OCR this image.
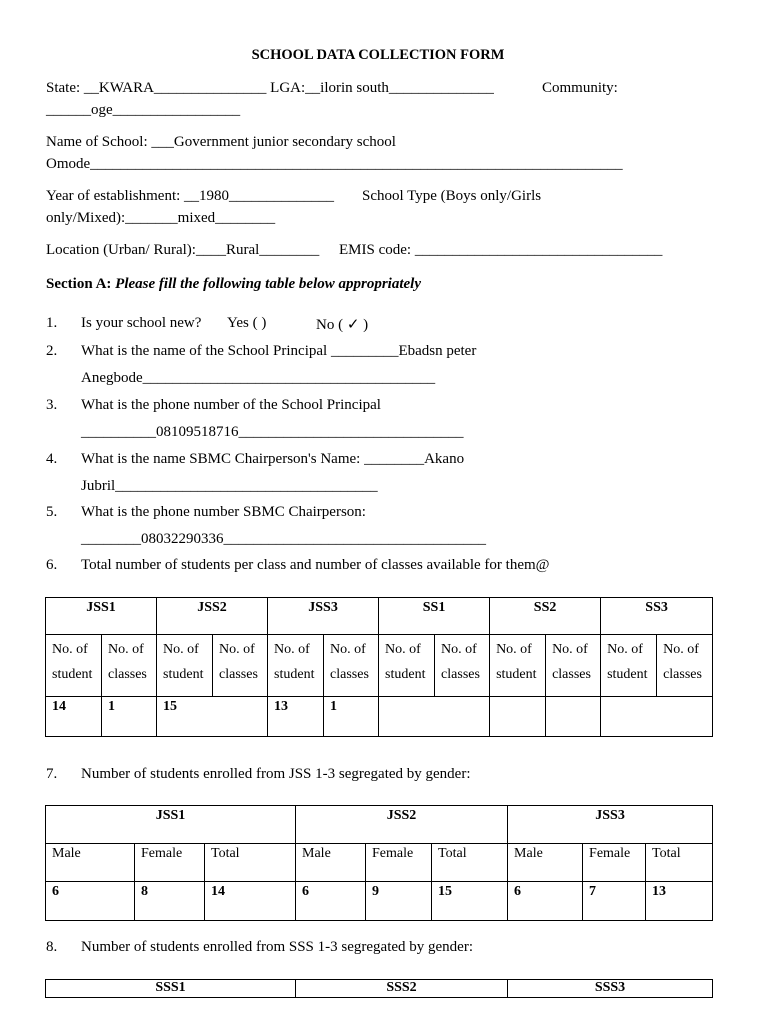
SCHOOL DATA COLLECTION FORM
State: __KWARA_______________ LGA:__ilorin south______________	Community:
______oge_________________
Name of School: ___Government junior secondary school
Omode_______________________________________________________________________
Year of establishment: __1980______________ School Type (Boys only/Girls
only/Mixed):_______mixed________
Location (Urban/ Rural):____Rural________ EMIS code: _________________________________
Section A: Please fill the following table below appropriately
1. Is your school new? Yes ( )	No ( ✓ )
2. What is the name of the School Principal _________Ebadsn peter
Anegbode_______________________________________
3. What is the phone number of the School Principal
__________08109518716______________________________
4. What is the name SBMC Chairperson's Name: ________Akano
Jubril___________________________________
5. What is the phone number SBMC Chairperson:
________08032290336___________________________________
6. Total number of students per class and number of classes available for them@
JSS1		JSS2		JSS3		SS1		SS2		SS3	
No. of student	No. of classes	No. of student	No. of classes	No. of student	No. of classes	No. of student	No. of classes	No. of student	No. of classes	No. of student	No. of classes
14	1	15		13	1						
7. Number of students enrolled from JSS 1-3 segregated by gender:
JSS1			JSS2			JSS3		
Male	Female	Total	Male	Female	Total	Male	Female	Total
6	8	14	6	9	15	6	7	13
8. Number of students enrolled from SSS 1-3 segregated by gender:
SSS1	SSS2	SSS3
